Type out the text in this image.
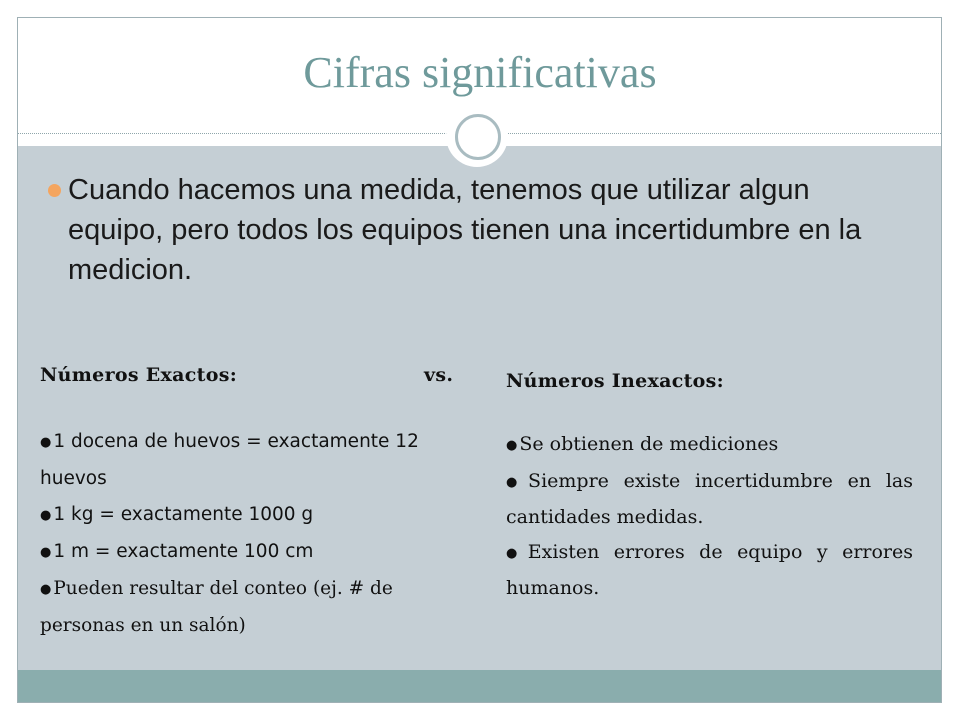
Cifras significativas
Cuando hacemos una medida, tenemos que utilizar algun equipo, pero todos los equipos tienen una incertidumbre en la medicion.
Números Exactos:	vs.	Números Inexactos:
● 1 docena de huevos = exactamente 12 huevos
● 1 kg = exactamente 1000 g
● 1 m = exactamente 100 cm
● Pueden resultar del conteo (ej. # de personas en un salón)
● Se obtienen de mediciones
● Siempre existe incertidumbre en las cantidades medidas.
● Existen errores de equipo y errores humanos.
